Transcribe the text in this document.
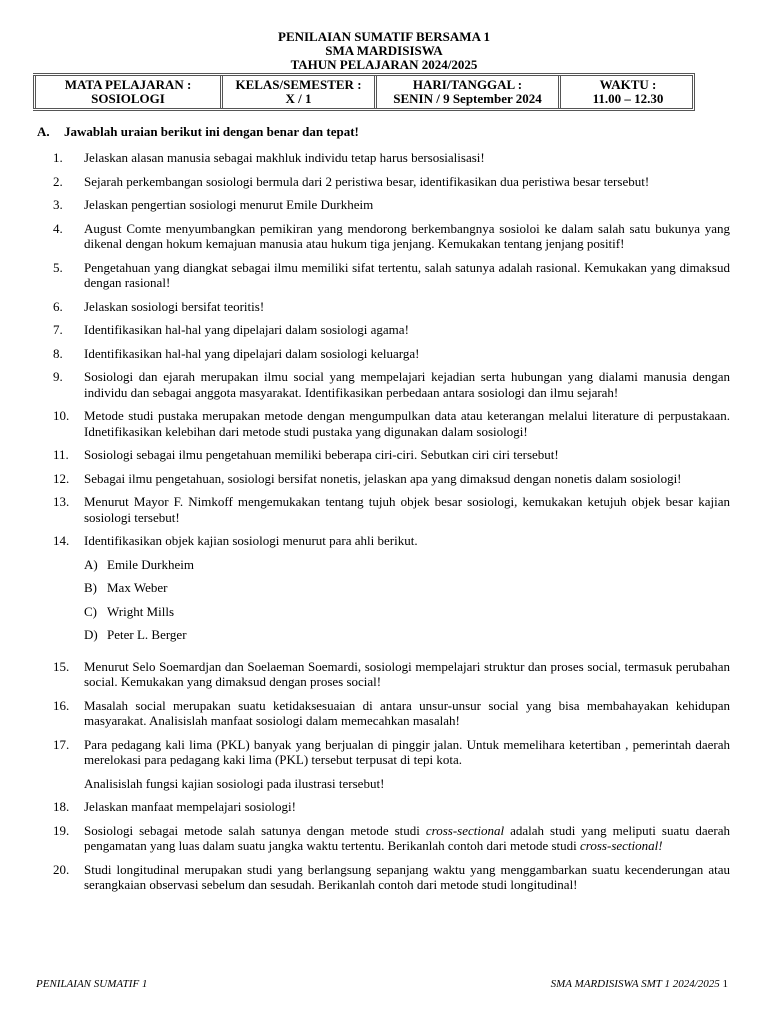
PENILAIAN SUMATIF BERSAMA 1
SMA MARDISISWA
TAHUN PELAJARAN 2024/2025
MATA PELAJARAN :
SOSIOLOGI
KELAS/SEMESTER :
X / 1
HARI/TANGGAL :
SENIN / 9 September 2024
WAKTU :
11.00 – 12.30
A. Jawablah uraian berikut ini dengan benar dan tepat!
1.	Jelaskan alasan manusia sebagai makhluk individu tetap harus bersosialisasi!
2.	Sejarah perkembangan sosiologi bermula dari 2 peristiwa besar, identifikasikan dua peristiwa besar tersebut!
3.	Jelaskan pengertian sosiologi menurut Emile Durkheim
4.	August Comte menyumbangkan pemikiran yang mendorong berkembangnya sosioloi ke dalam salah satu bukunya yang dikenal dengan hokum kemajuan manusia atau hukum tiga jenjang. Kemukakan tentang jenjang positif!
5.	Pengetahuan yang diangkat sebagai ilmu memiliki sifat tertentu, salah satunya adalah rasional. Kemukakan yang dimaksud dengan rasional!
6.	Jelaskan sosiologi bersifat teoritis!
7.	Identifikasikan hal-hal yang dipelajari dalam sosiologi agama!
8.	Identifikasikan hal-hal yang dipelajari dalam sosiologi keluarga!
9.	Sosiologi dan ejarah merupakan ilmu social yang mempelajari kejadian serta hubungan yang dialami manusia dengan individu dan sebagai anggota masyarakat. Identifikasikan perbedaan antara sosiologi dan ilmu sejarah!
10.	Metode studi pustaka merupakan metode dengan mengumpulkan data atau keterangan melalui literature di perpustakaan. Idnetifikasikan kelebihan dari metode studi pustaka yang digunakan dalam sosiologi!
11.	Sosiologi sebagai ilmu pengetahuan memiliki beberapa ciri-ciri. Sebutkan ciri ciri tersebut!
12.	Sebagai ilmu pengetahuan, sosiologi bersifat nonetis, jelaskan apa yang dimaksud dengan nonetis dalam sosiologi!
13.	Menurut Mayor F. Nimkoff mengemukakan tentang tujuh objek besar sosiologi, kemukakan ketujuh objek besar kajian sosiologi tersebut!
14.	Identifikasikan objek kajian sosiologi menurut para ahli berikut.
A) Emile Durkheim
B) Max Weber
C) Wright Mills
D) Peter L. Berger
15.	Menurut Selo Soemardjan dan Soelaeman Soemardi, sosiologi mempelajari struktur dan proses social, termasuk perubahan social. Kemukakan yang dimaksud dengan proses social!
16.	Masalah social merupakan suatu ketidaksesuaian di antara unsur-unsur social yang bisa membahayakan kehidupan masyarakat. Analisislah manfaat sosiologi dalam memecahkan masalah!
17.	Para pedagang kali lima (PKL) banyak yang berjualan di pinggir jalan. Untuk memelihara ketertiban , pemerintah daerah merelokasi para pedagang kaki lima (PKL) tersebut terpusat di tepi kota.
Analisislah fungsi kajian sosiologi pada ilustrasi tersebut!
18.	Jelaskan manfaat mempelajari sosiologi!
19.	Sosiologi sebagai metode salah satunya dengan metode studi cross-sectional adalah studi yang meliputi suatu daerah pengamatan yang luas dalam suatu jangka waktu tertentu. Berikanlah contoh dari metode studi cross-sectional!
20.	Studi longitudinal merupakan studi yang berlangsung sepanjang waktu yang menggambarkan suatu kecenderungan atau serangkaian observasi sebelum dan sesudah. Berikanlah contoh dari metode studi longitudinal!
PENILAIAN SUMATIF 1	SMA MARDISISWA SMT 1 2024/2025 1
